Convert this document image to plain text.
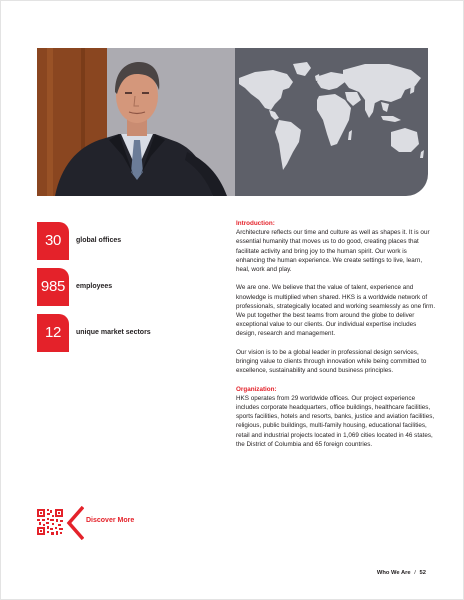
30	global offices
985	employees
12	unique market sectors

Introduction:
Architecture reflects our time and culture as well as shapes it. It is our essential humanity that moves us to do good, creating places that facilitate activity and bring joy to the human spirit. Our work is enhancing the human experience. We create settings to live, learn, heal, work and play.

We are one. We believe that the value of talent, experience and knowledge is multiplied when shared. HKS is a worldwide network of professionals, strategically located and working seamlessly as one firm. We put together the best teams from around the globe to deliver exceptional value to our clients. Our individual expertise includes design, research and management.

Our vision is to be a global leader in professional design services, bringing value to clients through innovation while being committed to excellence, sustainability and sound business principles.

Organization:
HKS operates from 29 worldwide offices. Our project experience includes corporate headquarters, office buildings, healthcare facilities, sports facilities, hotels and resorts, banks, justice and aviation facilities, religious, public buildings, multi-family housing, educational facilities, retail and industrial projects located in 1,069 cities located in 46 states, the District of Columbia and 65 foreign countries.

Discover More
Who We Are / 52
